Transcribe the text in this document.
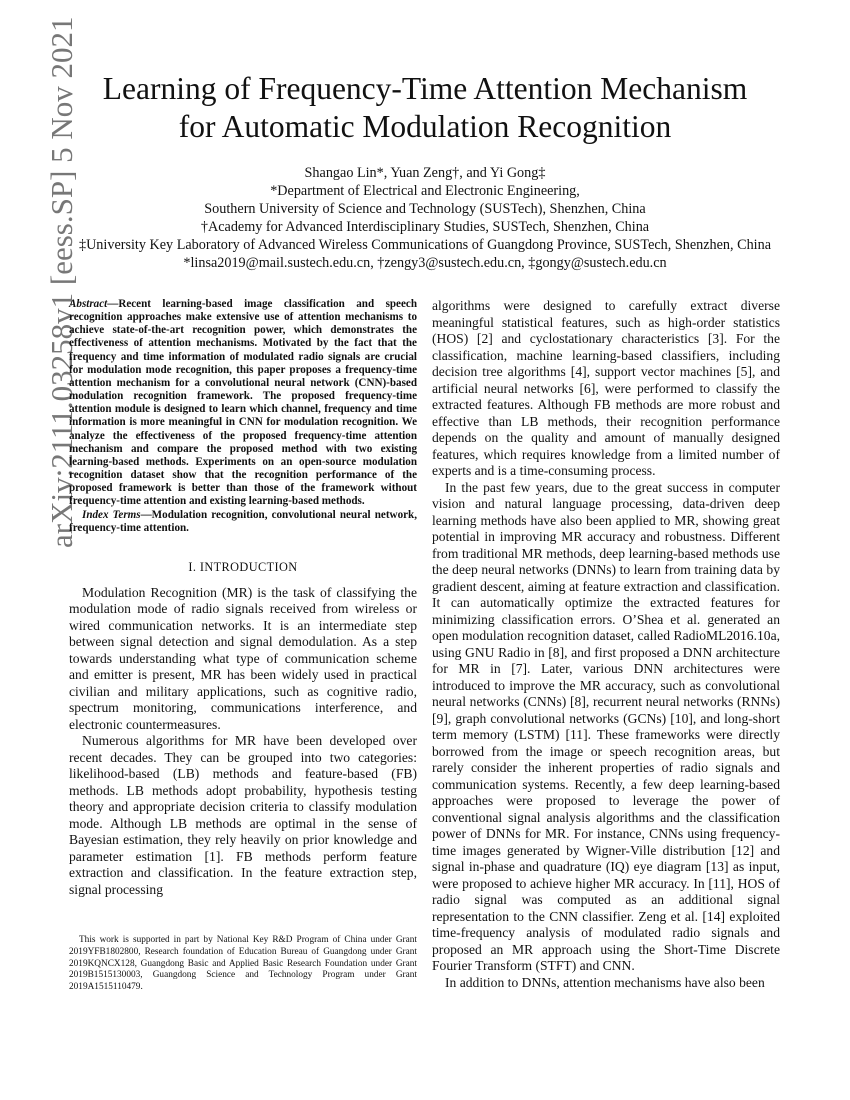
arXiv:2111.03258v1 [eess.SP] 5 Nov 2021 Learning of Frequency-Time Attention Mechanism
for Automatic Modulation Recognition
Shangao Lin*, Yuan Zeng†, and Yi Gong‡
*Department of Electrical and Electronic Engineering,
Southern University of Science and Technology (SUSTech), Shenzhen, China
†Academy for Advanced Interdisciplinary Studies, SUSTech, Shenzhen, China
‡University Key Laboratory of Advanced Wireless Communications of Guangdong Province, SUSTech, Shenzhen, China
*linsa2019@mail.sustech.edu.cn, †zengy3@sustech.edu.cn, ‡gongy@sustech.edu.cn

Abstract—Recent learning-based image classification and speech recognition approaches make extensive use of attention mechanisms to achieve state-of-the-art recognition power, which demonstrates the effectiveness of attention mechanisms. Motivated by the fact that the frequency and time information of modulated radio signals are crucial for modulation mode recognition, this paper proposes a frequency-time attention mechanism for a convolutional neural network (CNN)-based modulation recognition framework. The proposed frequency-time attention module is designed to learn which channel, frequency and time information is more meaningful in CNN for modulation recognition. We analyze the effectiveness of the proposed frequency-time attention mechanism and compare the proposed method with two existing learning-based methods. Experiments on an open-source modulation recognition dataset show that the recognition performance of the proposed framework is better than those of the framework without frequency-time attention and existing learning-based methods.

Index Terms—Modulation recognition, convolutional neural network, frequency-time attention.

I. INTRODUCTION

Modulation Recognition (MR) is the task of classifying the modulation mode of radio signals received from wireless or wired communication networks. It is an intermediate step between signal detection and signal demodulation. As a step towards understanding what type of communication scheme and emitter is present, MR has been widely used in practical civilian and military applications, such as cognitive radio, spectrum monitoring, communications interference, and electronic countermeasures.

Numerous algorithms for MR have been developed over recent decades. They can be grouped into two categories: likelihood-based (LB) methods and feature-based (FB) methods. LB methods adopt probability, hypothesis testing theory and appropriate decision criteria to classify modulation mode. Although LB methods are optimal in the sense of Bayesian estimation, they rely heavily on prior knowledge and parameter estimation [1]. FB methods perform feature extraction and classification. In the feature extraction step, signal processing

This work is supported in part by National Key R&D Program of China under Grant 2019YFB1802800, Research foundation of Education Bureau of Guangdong under Grant 2019KQNCX128, Guangdong Basic and Applied Basic Research Foundation under Grant 2019B1515130003, Guangdong Science and Technology Program under Grant 2019A1515110479.

algorithms were designed to carefully extract diverse meaningful statistical features, such as high-order statistics (HOS) [2] and cyclostationary characteristics [3]. For the classification, machine learning-based classifiers, including decision tree algorithms [4], support vector machines [5], and artificial neural networks [6], were performed to classify the extracted features. Although FB methods are more robust and effective than LB methods, their recognition performance depends on the quality and amount of manually designed features, which requires knowledge from a limited number of experts and is a time-consuming process.

In the past few years, due to the great success in computer vision and natural language processing, data-driven deep learning methods have also been applied to MR, showing great potential in improving MR accuracy and robustness. Different from traditional MR methods, deep learning-based methods use the deep neural networks (DNNs) to learn from training data by gradient descent, aiming at feature extraction and classification. It can automatically optimize the extracted features for minimizing classification errors. O’Shea et al. generated an open modulation recognition dataset, called RadioML2016.10a, using GNU Radio in [8], and first proposed a DNN architecture for MR in [7]. Later, various DNN architectures were introduced to improve the MR accuracy, such as convolutional neural networks (CNNs) [8], recurrent neural networks (RNNs) [9], graph convolutional networks (GCNs) [10], and long-short term memory (LSTM) [11]. These frameworks were directly borrowed from the image or speech recognition areas, but rarely consider the inherent properties of radio signals and communication systems. Recently, a few deep learning-based approaches were proposed to leverage the power of conventional signal analysis algorithms and the classification power of DNNs for MR. For instance, CNNs using frequency-time images generated by Wigner-Ville distribution [12] and signal in-phase and quadrature (IQ) eye diagram [13] as input, were proposed to achieve higher MR accuracy. In [11], HOS of radio signal was computed as an additional signal representation to the CNN classifier. Zeng et al. [14] exploited time-frequency analysis of modulated radio signals and proposed an MR approach using the Short-Time Discrete Fourier Transform (STFT) and CNN.

In addition to DNNs, attention mechanisms have also been
